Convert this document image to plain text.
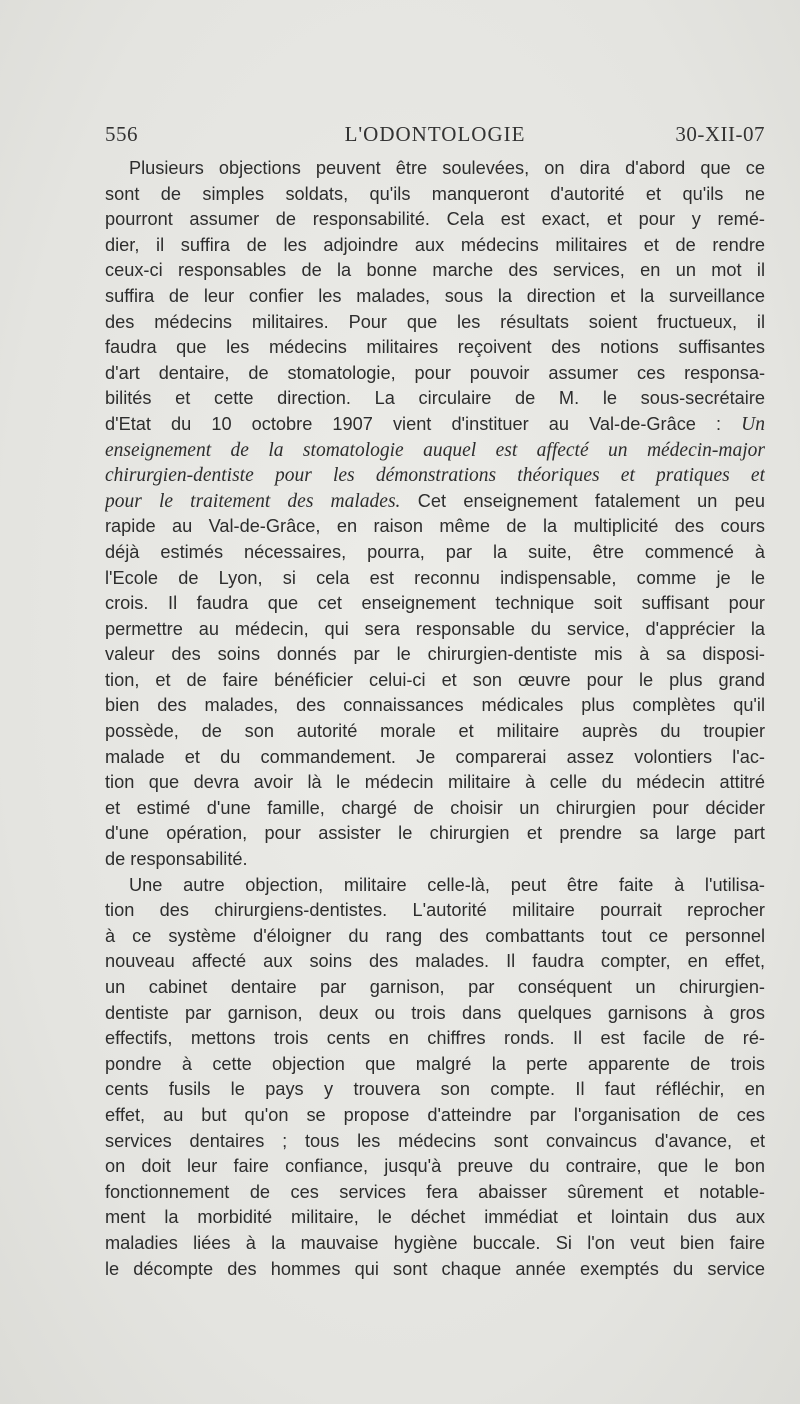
556	L'ODONTOLOGIE	30-XII-07
Plusieurs objections peuvent être soulevées, on dira d'abord que ce
sont de simples soldats, qu'ils manqueront d'autorité et qu'ils ne
pourront assumer de responsabilité. Cela est exact, et pour y remé-
dier, il suffira de les adjoindre aux médecins militaires et de rendre
ceux-ci responsables de la bonne marche des services, en un mot il
suffira de leur confier les malades, sous la direction et la surveillance
des médecins militaires. Pour que les résultats soient fructueux, il
faudra que les médecins militaires reçoivent des notions suffisantes
d'art dentaire, de stomatologie, pour pouvoir assumer ces responsa-
bilités et cette direction. La circulaire de M. le sous-secrétaire
d'Etat du 10 octobre 1907 vient d'instituer au Val-de-Grâce : Un
enseignement de la stomatologie auquel est affecté un médecin-major
chirurgien-dentiste pour les démonstrations théoriques et pratiques et
pour le traitement des malades. Cet enseignement fatalement un peu
rapide au Val-de-Grâce, en raison même de la multiplicité des cours
déjà estimés nécessaires, pourra, par la suite, être commencé à
l'Ecole de Lyon, si cela est reconnu indispensable, comme je le
crois. Il faudra que cet enseignement technique soit suffisant pour
permettre au médecin, qui sera responsable du service, d'apprécier la
valeur des soins donnés par le chirurgien-dentiste mis à sa disposi-
tion, et de faire bénéficier celui-ci et son œuvre pour le plus grand
bien des malades, des connaissances médicales plus complètes qu'il
possède, de son autorité morale et militaire auprès du troupier
malade et du commandement. Je comparerai assez volontiers l'ac-
tion que devra avoir là le médecin militaire à celle du médecin attitré
et estimé d'une famille, chargé de choisir un chirurgien pour décider
d'une opération, pour assister le chirurgien et prendre sa large part
de responsabilité.
Une autre objection, militaire celle-là, peut être faite à l'utilisa-
tion des chirurgiens-dentistes. L'autorité militaire pourrait reprocher
à ce système d'éloigner du rang des combattants tout ce personnel
nouveau affecté aux soins des malades. Il faudra compter, en effet,
un cabinet dentaire par garnison, par conséquent un chirurgien-
dentiste par garnison, deux ou trois dans quelques garnisons à gros
effectifs, mettons trois cents en chiffres ronds. Il est facile de ré-
pondre à cette objection que malgré la perte apparente de trois
cents fusils le pays y trouvera son compte. Il faut réfléchir, en
effet, au but qu'on se propose d'atteindre par l'organisation de ces
services dentaires ; tous les médecins sont convaincus d'avance, et
on doit leur faire confiance, jusqu'à preuve du contraire, que le bon
fonctionnement de ces services fera abaisser sûrement et notable-
ment la morbidité militaire, le déchet immédiat et lointain dus aux
maladies liées à la mauvaise hygiène buccale. Si l'on veut bien faire
le décompte des hommes qui sont chaque année exemptés du service
